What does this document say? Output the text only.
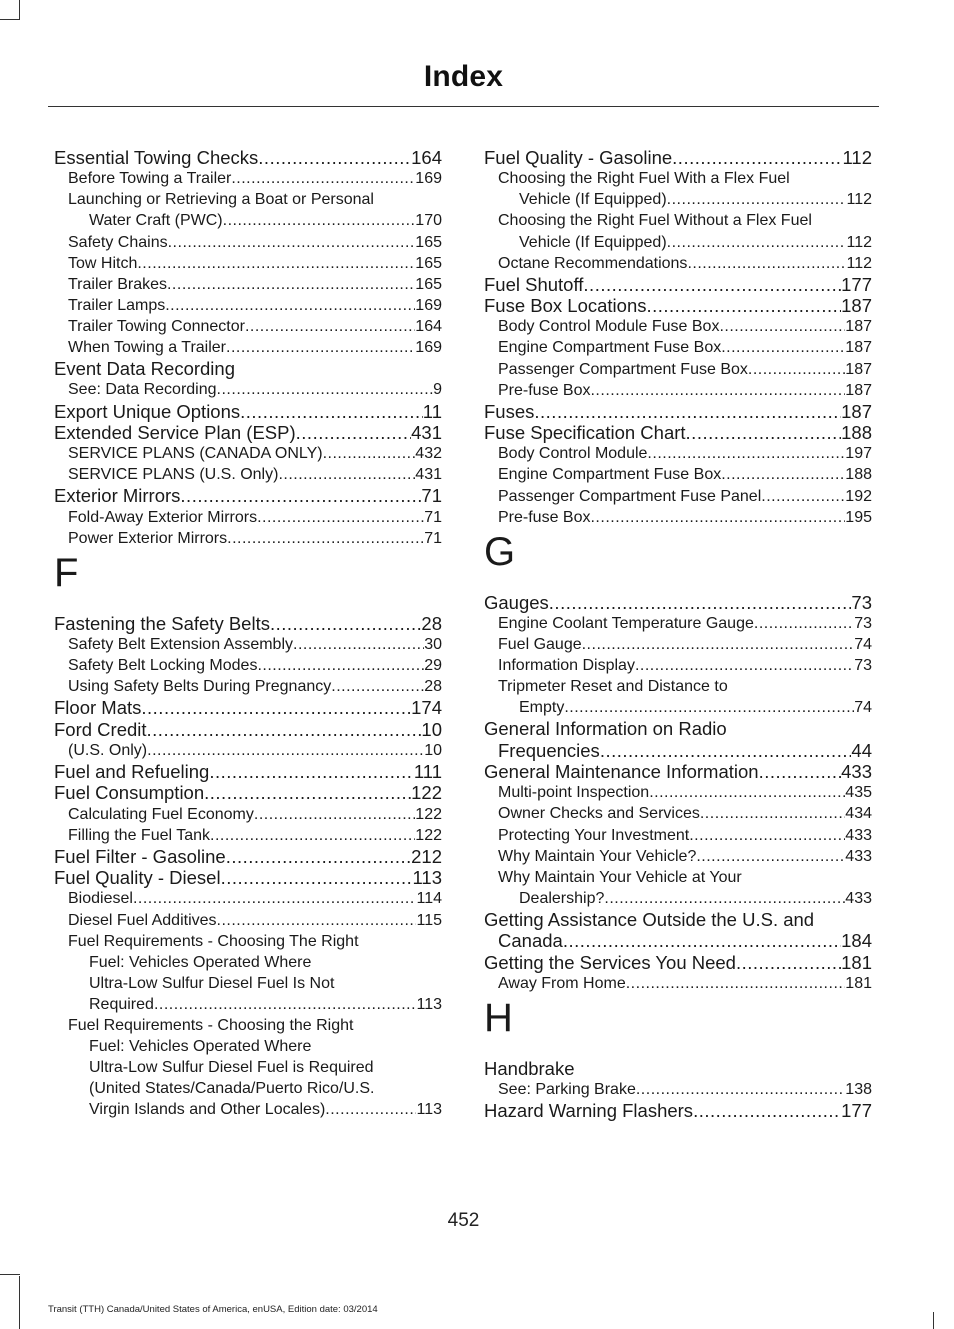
Index
Essential Towing Checks .....	164
Before Towing a Trailer .....	169
Launching or Retrieving a Boat or Personal
Water Craft (PWC) .....	170
Safety Chains .....	165
Tow Hitch .....	165
Trailer Brakes .....	165
Trailer Lamps .....	169
Trailer Towing Connector .....	164
When Towing a Trailer .....	169
Event Data Recording
See: Data Recording .....	9
Export Unique Options .....	11
Extended Service Plan (ESP) .....	431
SERVICE PLANS (CANADA ONLY) .....	432
SERVICE PLANS (U.S. Only) .....	431
Exterior Mirrors .....	71
Fold-Away Exterior Mirrors .....	71
Power Exterior Mirrors .....	71
F
Fastening the Safety Belts .....	28
Safety Belt Extension Assembly .....	30
Safety Belt Locking Modes .....	29
Using Safety Belts During Pregnancy .....	28
Floor Mats .....	174
Ford Credit .....	10
(U.S. Only) .....	10
Fuel and Refueling .....	111
Fuel Consumption .....	122
Calculating Fuel Economy .....	122
Filling the Fuel Tank .....	122
Fuel Filter - Gasoline .....	212
Fuel Quality - Diesel .....	113
Biodiesel .....	114
Diesel Fuel Additives .....	115
Fuel Requirements - Choosing The Right
Fuel: Vehicles Operated Where
Ultra-Low Sulfur Diesel Fuel Is Not
Required .....	113
Fuel Requirements - Choosing the Right
Fuel: Vehicles Operated Where
Ultra-Low Sulfur Diesel Fuel is Required
(United States/Canada/Puerto Rico/U.S.
Virgin Islands and Other Locales) .....	113
Fuel Quality - Gasoline .....	112
Choosing the Right Fuel With a Flex Fuel
Vehicle (If Equipped) .....	112
Choosing the Right Fuel Without a Flex Fuel
Vehicle (If Equipped) .....	112
Octane Recommendations .....	112
Fuel Shutoff .....	177
Fuse Box Locations .....	187
Body Control Module Fuse Box .....	187
Engine Compartment Fuse Box .....	187
Passenger Compartment Fuse Box .....	187
Pre-fuse Box .....	187
Fuses .....	187
Fuse Specification Chart .....	188
Body Control Module .....	197
Engine Compartment Fuse Box .....	188
Passenger Compartment Fuse Panel .....	192
Pre-fuse Box .....	195
G
Gauges .....	73
Engine Coolant Temperature Gauge .....	73
Fuel Gauge .....	74
Information Display .....	73
Tripmeter Reset and Distance to
Empty .....	74
General Information on Radio
Frequencies .....	44
General Maintenance Information .....	433
Multi-point Inspection .....	435
Owner Checks and Services .....	434
Protecting Your Investment .....	433
Why Maintain Your Vehicle? .....	433
Why Maintain Your Vehicle at Your
Dealership? .....	433
Getting Assistance Outside the U.S. and
Canada .....	184
Getting the Services You Need .....	181
Away From Home .....	181
H
Handbrake
See: Parking Brake .....	138
Hazard Warning Flashers .....	177
452
Transit (TTH) Canada/United States of America, enUSA, Edition date: 03/2014
